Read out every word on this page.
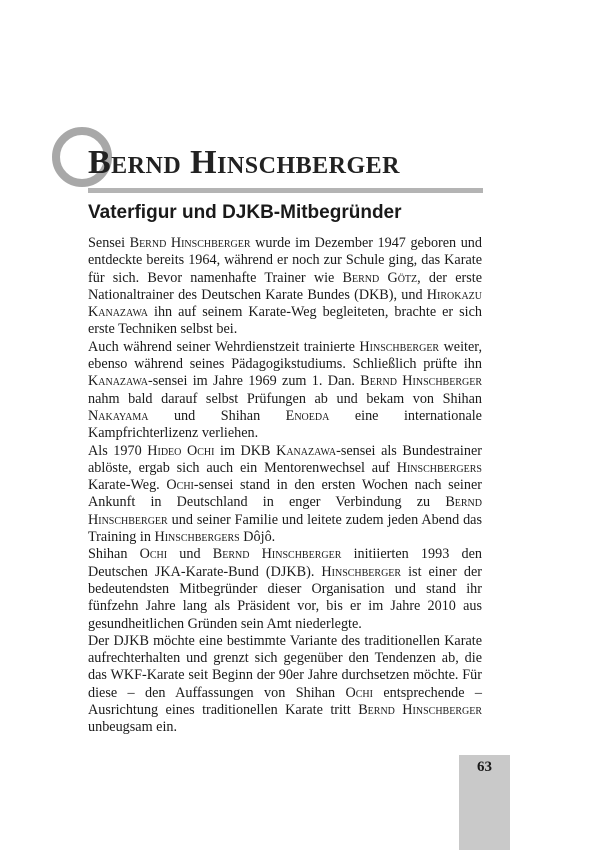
Bernd Hinschberger
Vaterfigur und DJKB-Mitbegründer

Sensei Bernd Hinschberger wurde im Dezember 1947 geboren und entdeckte bereits 1964, während er noch zur Schule ging, das Karate für sich. Bevor namenhafte Trainer wie Bernd Götz, der erste Nationaltrainer des Deutschen Karate Bundes (DKB), und Hirokazu Kanazawa ihn auf seinem Karate-Weg begleiteten, brachte er sich erste Techniken selbst bei.

Auch während seiner Wehrdienstzeit trainierte Hinschberger weiter, ebenso während seines Pädagogikstudiums. Schließlich prüfte ihn Kanazawa-sensei im Jahre 1969 zum 1. Dan. Bernd Hinschberger nahm bald darauf selbst Prüfungen ab und bekam von Shihan Nakayama und Shihan Enoeda eine internationale Kampfrichterlizenz verliehen.

Als 1970 Hideo Ochi im DKB Kanazawa-sensei als Bundestrainer ablöste, ergab sich auch ein Mentorenwechsel auf Hinschbergers Karate-Weg. Ochi-sensei stand in den ersten Wochen nach seiner Ankunft in Deutschland in enger Verbindung zu Bernd Hinschberger und seiner Familie und leitete zudem jeden Abend das Training in Hinschbergers Dôjô.

Shihan Ochi und Bernd Hinschberger initiierten 1993 den Deutschen JKA-Karate-Bund (DJKB). Hinschberger ist einer der bedeutendsten Mitbegründer dieser Organisation und stand ihr fünfzehn Jahre lang als Präsident vor, bis er im Jahre 2010 aus gesundheitlichen Gründen sein Amt niederlegte.

Der DJKB möchte eine bestimmte Variante des traditionellen Karate aufrechterhalten und grenzt sich gegenüber den Tendenzen ab, die das WKF-Karate seit Beginn der 90er Jahre durchsetzen möchte. Für diese – den Auffassungen von Shihan Ochi entsprechende – Ausrichtung eines traditionellen Karate tritt Bernd Hinschberger unbeugsam ein.

63
